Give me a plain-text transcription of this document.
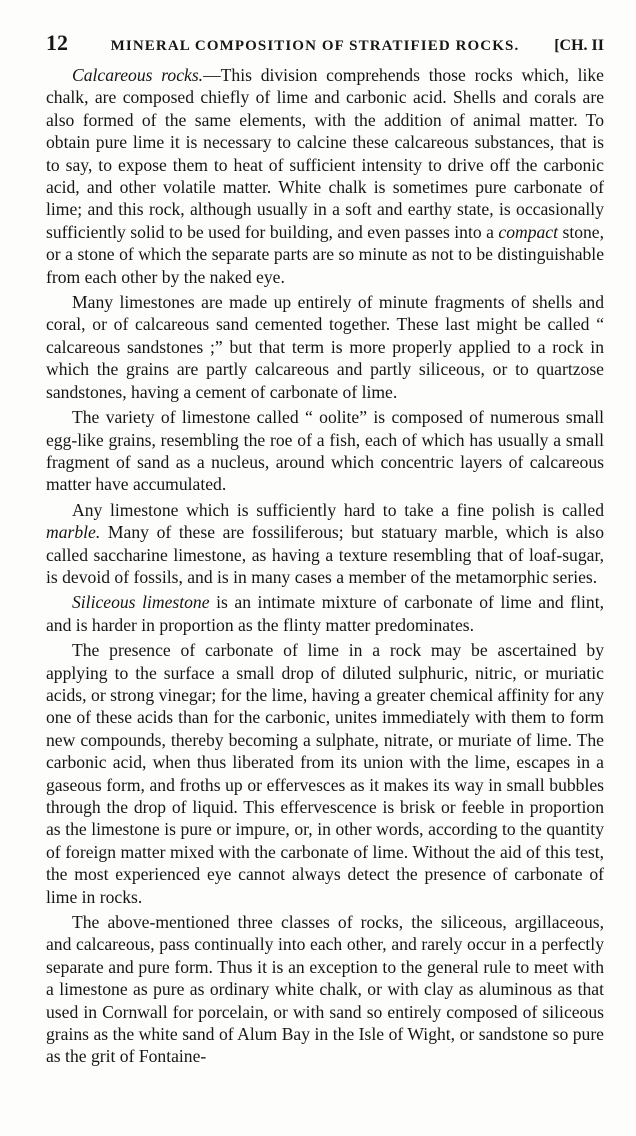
12	MINERAL COMPOSITION OF STRATIFIED ROCKS.	[CH. II

Calcareous rocks.—This division comprehends those rocks which, like chalk, are composed chiefly of lime and carbonic acid. Shells and corals are also formed of the same elements, with the addition of animal matter. To obtain pure lime it is necessary to calcine these calcareous substances, that is to say, to expose them to heat of sufficient intensity to drive off the carbonic acid, and other volatile matter. White chalk is sometimes pure carbonate of lime; and this rock, although usually in a soft and earthy state, is occasionally sufficiently solid to be used for building, and even passes into a compact stone, or a stone of which the separate parts are so minute as not to be distinguishable from each other by the naked eye.

Many limestones are made up entirely of minute fragments of shells and coral, or of calcareous sand cemented together. These last might be called “ calcareous sandstones ;” but that term is more properly applied to a rock in which the grains are partly calcareous and partly siliceous, or to quartzose sandstones, having a cement of carbonate of lime.

The variety of limestone called “ oolite” is composed of numerous small egg-like grains, resembling the roe of a fish, each of which has usually a small fragment of sand as a nucleus, around which concentric layers of calcareous matter have accumulated.

Any limestone which is sufficiently hard to take a fine polish is called marble. Many of these are fossiliferous; but statuary marble, which is also called saccharine limestone, as having a texture resembling that of loaf-sugar, is devoid of fossils, and is in many cases a member of the metamorphic series.

Siliceous limestone is an intimate mixture of carbonate of lime and flint, and is harder in proportion as the flinty matter predominates.

The presence of carbonate of lime in a rock may be ascertained by applying to the surface a small drop of diluted sulphuric, nitric, or muriatic acids, or strong vinegar; for the lime, having a greater chemical affinity for any one of these acids than for the carbonic, unites immediately with them to form new compounds, thereby becoming a sulphate, nitrate, or muriate of lime. The carbonic acid, when thus liberated from its union with the lime, escapes in a gaseous form, and froths up or effervesces as it makes its way in small bubbles through the drop of liquid. This effervescence is brisk or feeble in proportion as the limestone is pure or impure, or, in other words, according to the quantity of foreign matter mixed with the carbonate of lime. Without the aid of this test, the most experienced eye cannot always detect the presence of carbonate of lime in rocks.

The above-mentioned three classes of rocks, the siliceous, argillaceous, and calcareous, pass continually into each other, and rarely occur in a perfectly separate and pure form. Thus it is an exception to the general rule to meet with a limestone as pure as ordinary white chalk, or with clay as aluminous as that used in Cornwall for porcelain, or with sand so entirely composed of siliceous grains as the white sand of Alum Bay in the Isle of Wight, or sandstone so pure as the grit of Fontaine-
